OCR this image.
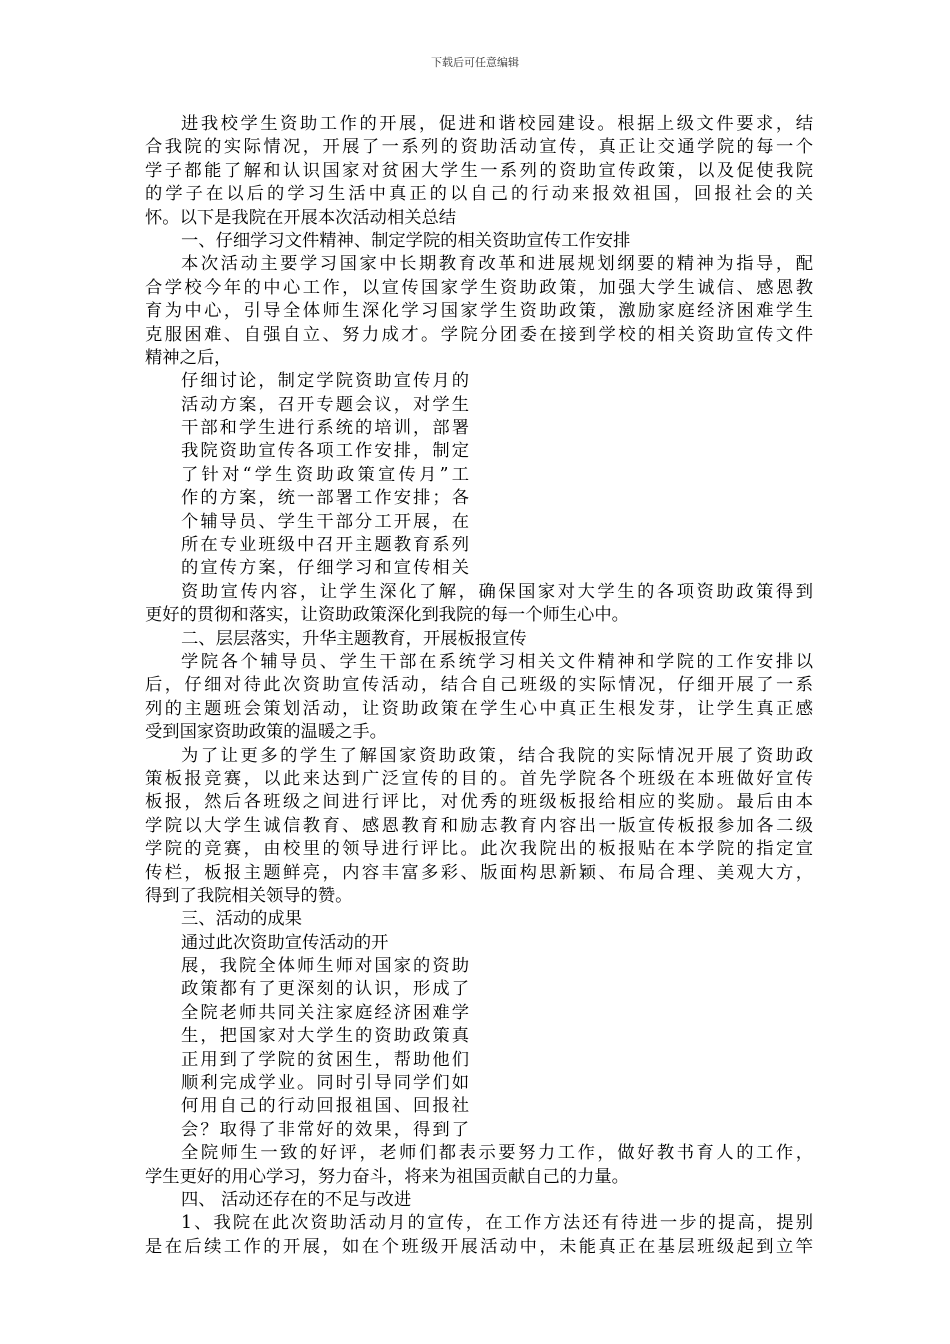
下载后可任意编辑
进我校学生资助工作的开展，促进和谐校园建设。根据上级文件要求，结
合我院的实际情况，开展了一系列的资助活动宣传，真正让交通学院的每一个
学子都能了解和认识国家对贫困大学生一系列的资助宣传政策，以及促使我院
的学子在以后的学习生活中真正的以自己的行动来报效祖国，回报社会的关
怀。以下是我院在开展本次活动相关总结
一、仔细学习文件精神、制定学院的相关资助宣传工作安排
本次活动主要学习国家中长期教育改革和进展规划纲要的精神为指导，配
合学校今年的中心工作，以宣传国家学生资助政策，加强大学生诚信、感恩教
育为中心，引导全体师生深化学习国家学生资助政策，激励家庭经济困难学生
克服困难、自强自立、努力成才。学院分团委在接到学校的相关资助宣传文件
精神之后，
仔细讨论，制定学院资助宣传月的
活动方案，召开专题会议，对学生
干部和学生进行系统的培训，部署
我院资助宣传各项工作安排，制定
了针对“学生资助政策宣传月”工
作的方案，统一部署工作安排；各
个辅导员、学生干部分工开展，在
所在专业班级中召开主题教育系列
的宣传方案，仔细学习和宣传相关
资助宣传内容，让学生深化了解，确保国家对大学生的各项资助政策得到
更好的贯彻和落实，让资助政策深化到我院的每一个师生心中。
二、层层落实，升华主题教育，开展板报宣传
学院各个辅导员、学生干部在系统学习相关文件精神和学院的工作安排以
后，仔细对待此次资助宣传活动，结合自己班级的实际情况，仔细开展了一系
列的主题班会策划活动，让资助政策在学生心中真正生根发芽，让学生真正感
受到国家资助政策的温暖之手。
为了让更多的学生了解国家资助政策，结合我院的实际情况开展了资助政
策板报竞赛，以此来达到广泛宣传的目的。首先学院各个班级在本班做好宣传
板报，然后各班级之间进行评比，对优秀的班级板报给相应的奖励。最后由本
学院以大学生诚信教育、感恩教育和励志教育内容出一版宣传板报参加各二级
学院的竞赛，由校里的领导进行评比。此次我院出的板报贴在本学院的指定宣
传栏，板报主题鲜亮，内容丰富多彩、版面构思新颖、布局合理、美观大方，
得到了我院相关领导的赞。
三、活动的成果
通过此次资助宣传活动的开
展，我院全体师生师对国家的资助
政策都有了更深刻的认识，形成了
全院老师共同关注家庭经济困难学
生，把国家对大学生的资助政策真
正用到了学院的贫困生，帮助他们
顺利完成学业。同时引导同学们如
何用自己的行动回报祖国、回报社
会？取得了非常好的效果，得到了
全院师生一致的好评，老师们都表示要努力工作，做好教书育人的工作，
学生更好的用心学习，努力奋斗，将来为祖国贡献自己的力量。
四、 活动还存在的不足与改进
1、我院在此次资助活动月的宣传，在工作方法还有待进一步的提高，提别
是在后续工作的开展，如在个班级开展活动中，未能真正在基层班级起到立竿
